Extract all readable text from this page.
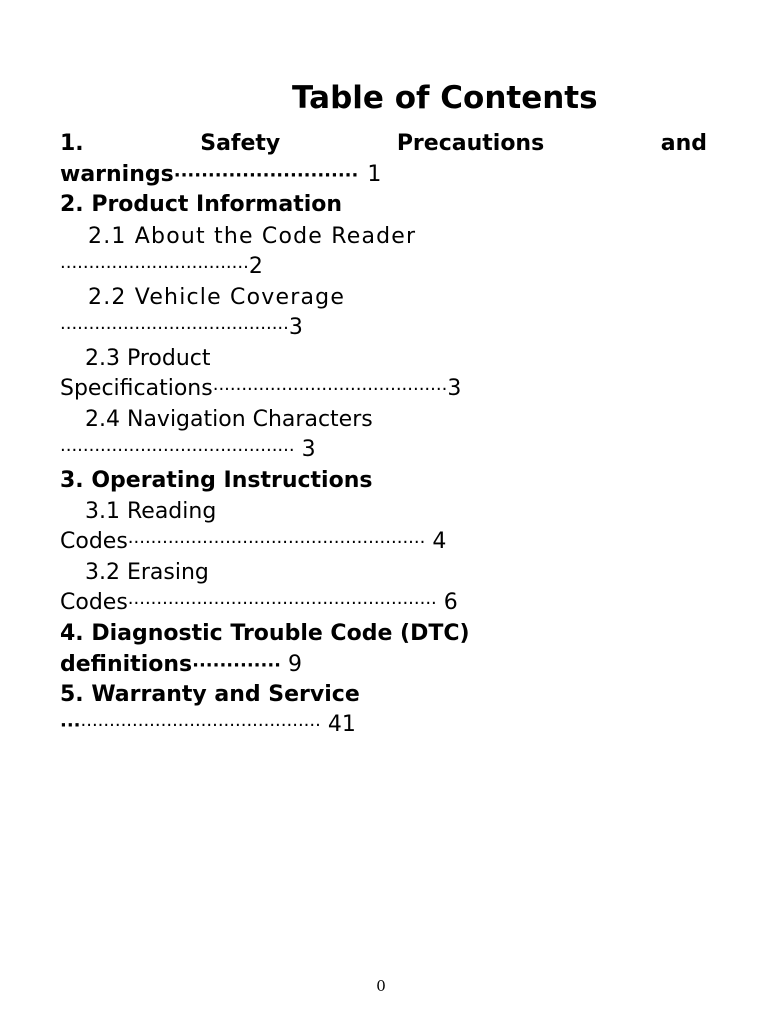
Table of Contents
1.	Safety	Precautions	and
warnings··························· 1
2. Product Information
2.1 About the Code Reader
·································2
2.2 Vehicle Coverage
········································3
2.3 Product
Specifications·········································3
2.4 Navigation Characters
········································· 3
3. Operating Instructions
3.1 Reading
Codes···················································· 4
3.2 Erasing
Codes······················································ 6
4. Diagnostic Trouble Code (DTC)
definitions············· 9
5. Warranty and Service
············································· 41
0
